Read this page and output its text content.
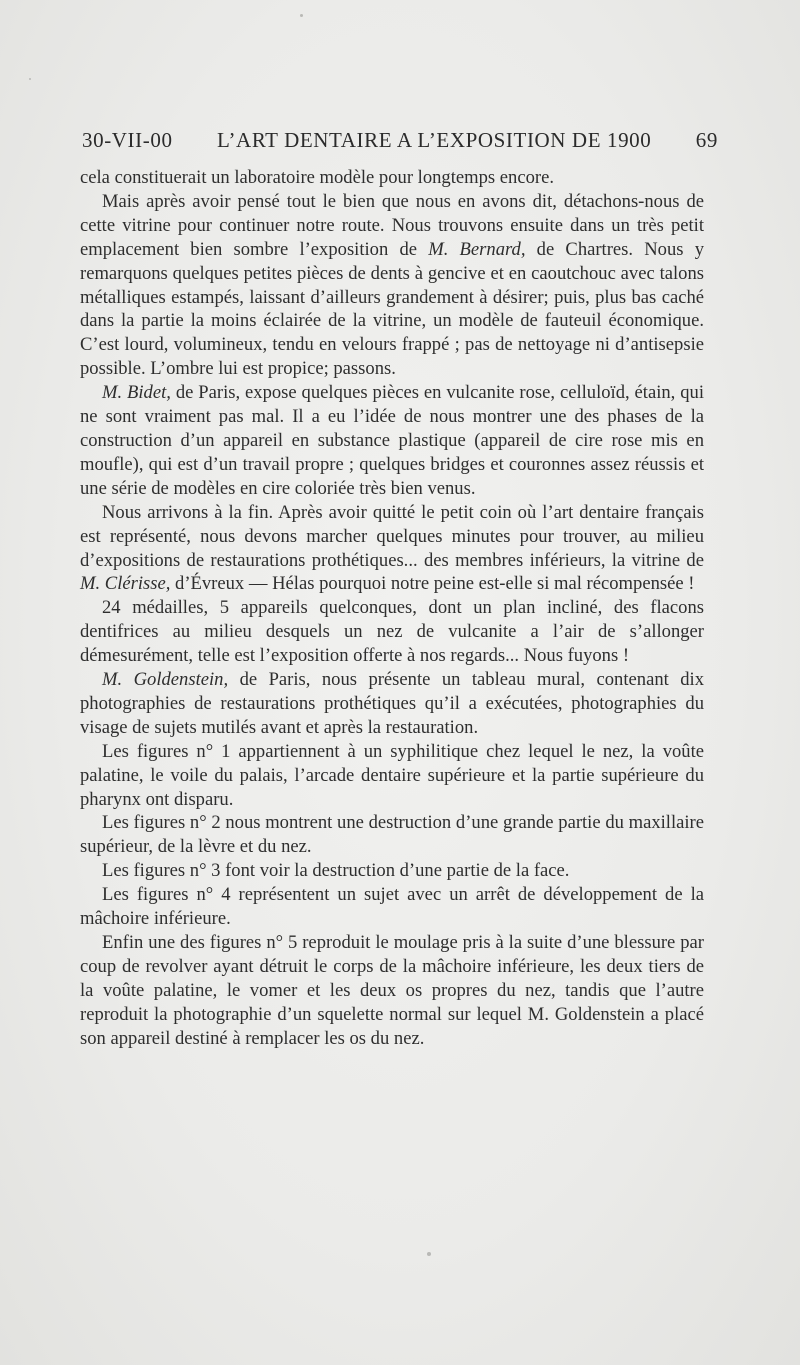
30-VII-00 L’ART DENTAIRE A L’EXPOSITION DE 1900 69

cela constituerait un laboratoire modèle pour longtemps encore.

Mais après avoir pensé tout le bien que nous en avons dit, détachons-nous de cette vitrine pour continuer notre route. Nous trouvons ensuite dans un très petit emplacement bien sombre l’exposition de M. Bernard, de Chartres. Nous y remarquons quelques petites pièces de dents à gencive et en caoutchouc avec talons métalliques estampés, laissant d’ailleurs grandement à désirer; puis, plus bas caché dans la partie la moins éclairée de la vitrine, un modèle de fauteuil économique. C’est lourd, volumineux, tendu en velours frappé ; pas de nettoyage ni d’antisepsie possible. L’ombre lui est propice; passons.

M. Bidet, de Paris, expose quelques pièces en vulcanite rose, celluloïd, étain, qui ne sont vraiment pas mal. Il a eu l’idée de nous montrer une des phases de la construction d’un appareil en substance plastique (appareil de cire rose mis en moufle), qui est d’un travail propre ; quelques bridges et couronnes assez réussis et une série de modèles en cire coloriée très bien venus.

Nous arrivons à la fin. Après avoir quitté le petit coin où l’art dentaire français est représenté, nous devons marcher quelques minutes pour trouver, au milieu d’expositions de restaurations prothétiques... des membres inférieurs, la vitrine de M. Clérisse, d’Évreux — Hélas pourquoi notre peine est-elle si mal récompensée !

24 médailles, 5 appareils quelconques, dont un plan incliné, des flacons dentifrices au milieu desquels un nez de vulcanite a l’air de s’allonger démesurément, telle est l’exposition offerte à nos regards... Nous fuyons !

M. Goldenstein, de Paris, nous présente un tableau mural, contenant dix photographies de restaurations prothétiques qu’il a exécutées, photographies du visage de sujets mutilés avant et après la restauration.

Les figures n° 1 appartiennent à un syphilitique chez lequel le nez, la voûte palatine, le voile du palais, l’arcade dentaire supérieure et la partie supérieure du pharynx ont disparu.

Les figures n° 2 nous montrent une destruction d’une grande partie du maxillaire supérieur, de la lèvre et du nez.

Les figures n° 3 font voir la destruction d’une partie de la face.

Les figures n° 4 représentent un sujet avec un arrêt de développement de la mâchoire inférieure.

Enfin une des figures n° 5 reproduit le moulage pris à la suite d’une blessure par coup de revolver ayant détruit le corps de la mâchoire inférieure, les deux tiers de la voûte palatine, le vomer et les deux os propres du nez, tandis que l’autre reproduit la photographie d’un squelette normal sur lequel M. Goldenstein a placé son appareil destiné à remplacer les os du nez.
